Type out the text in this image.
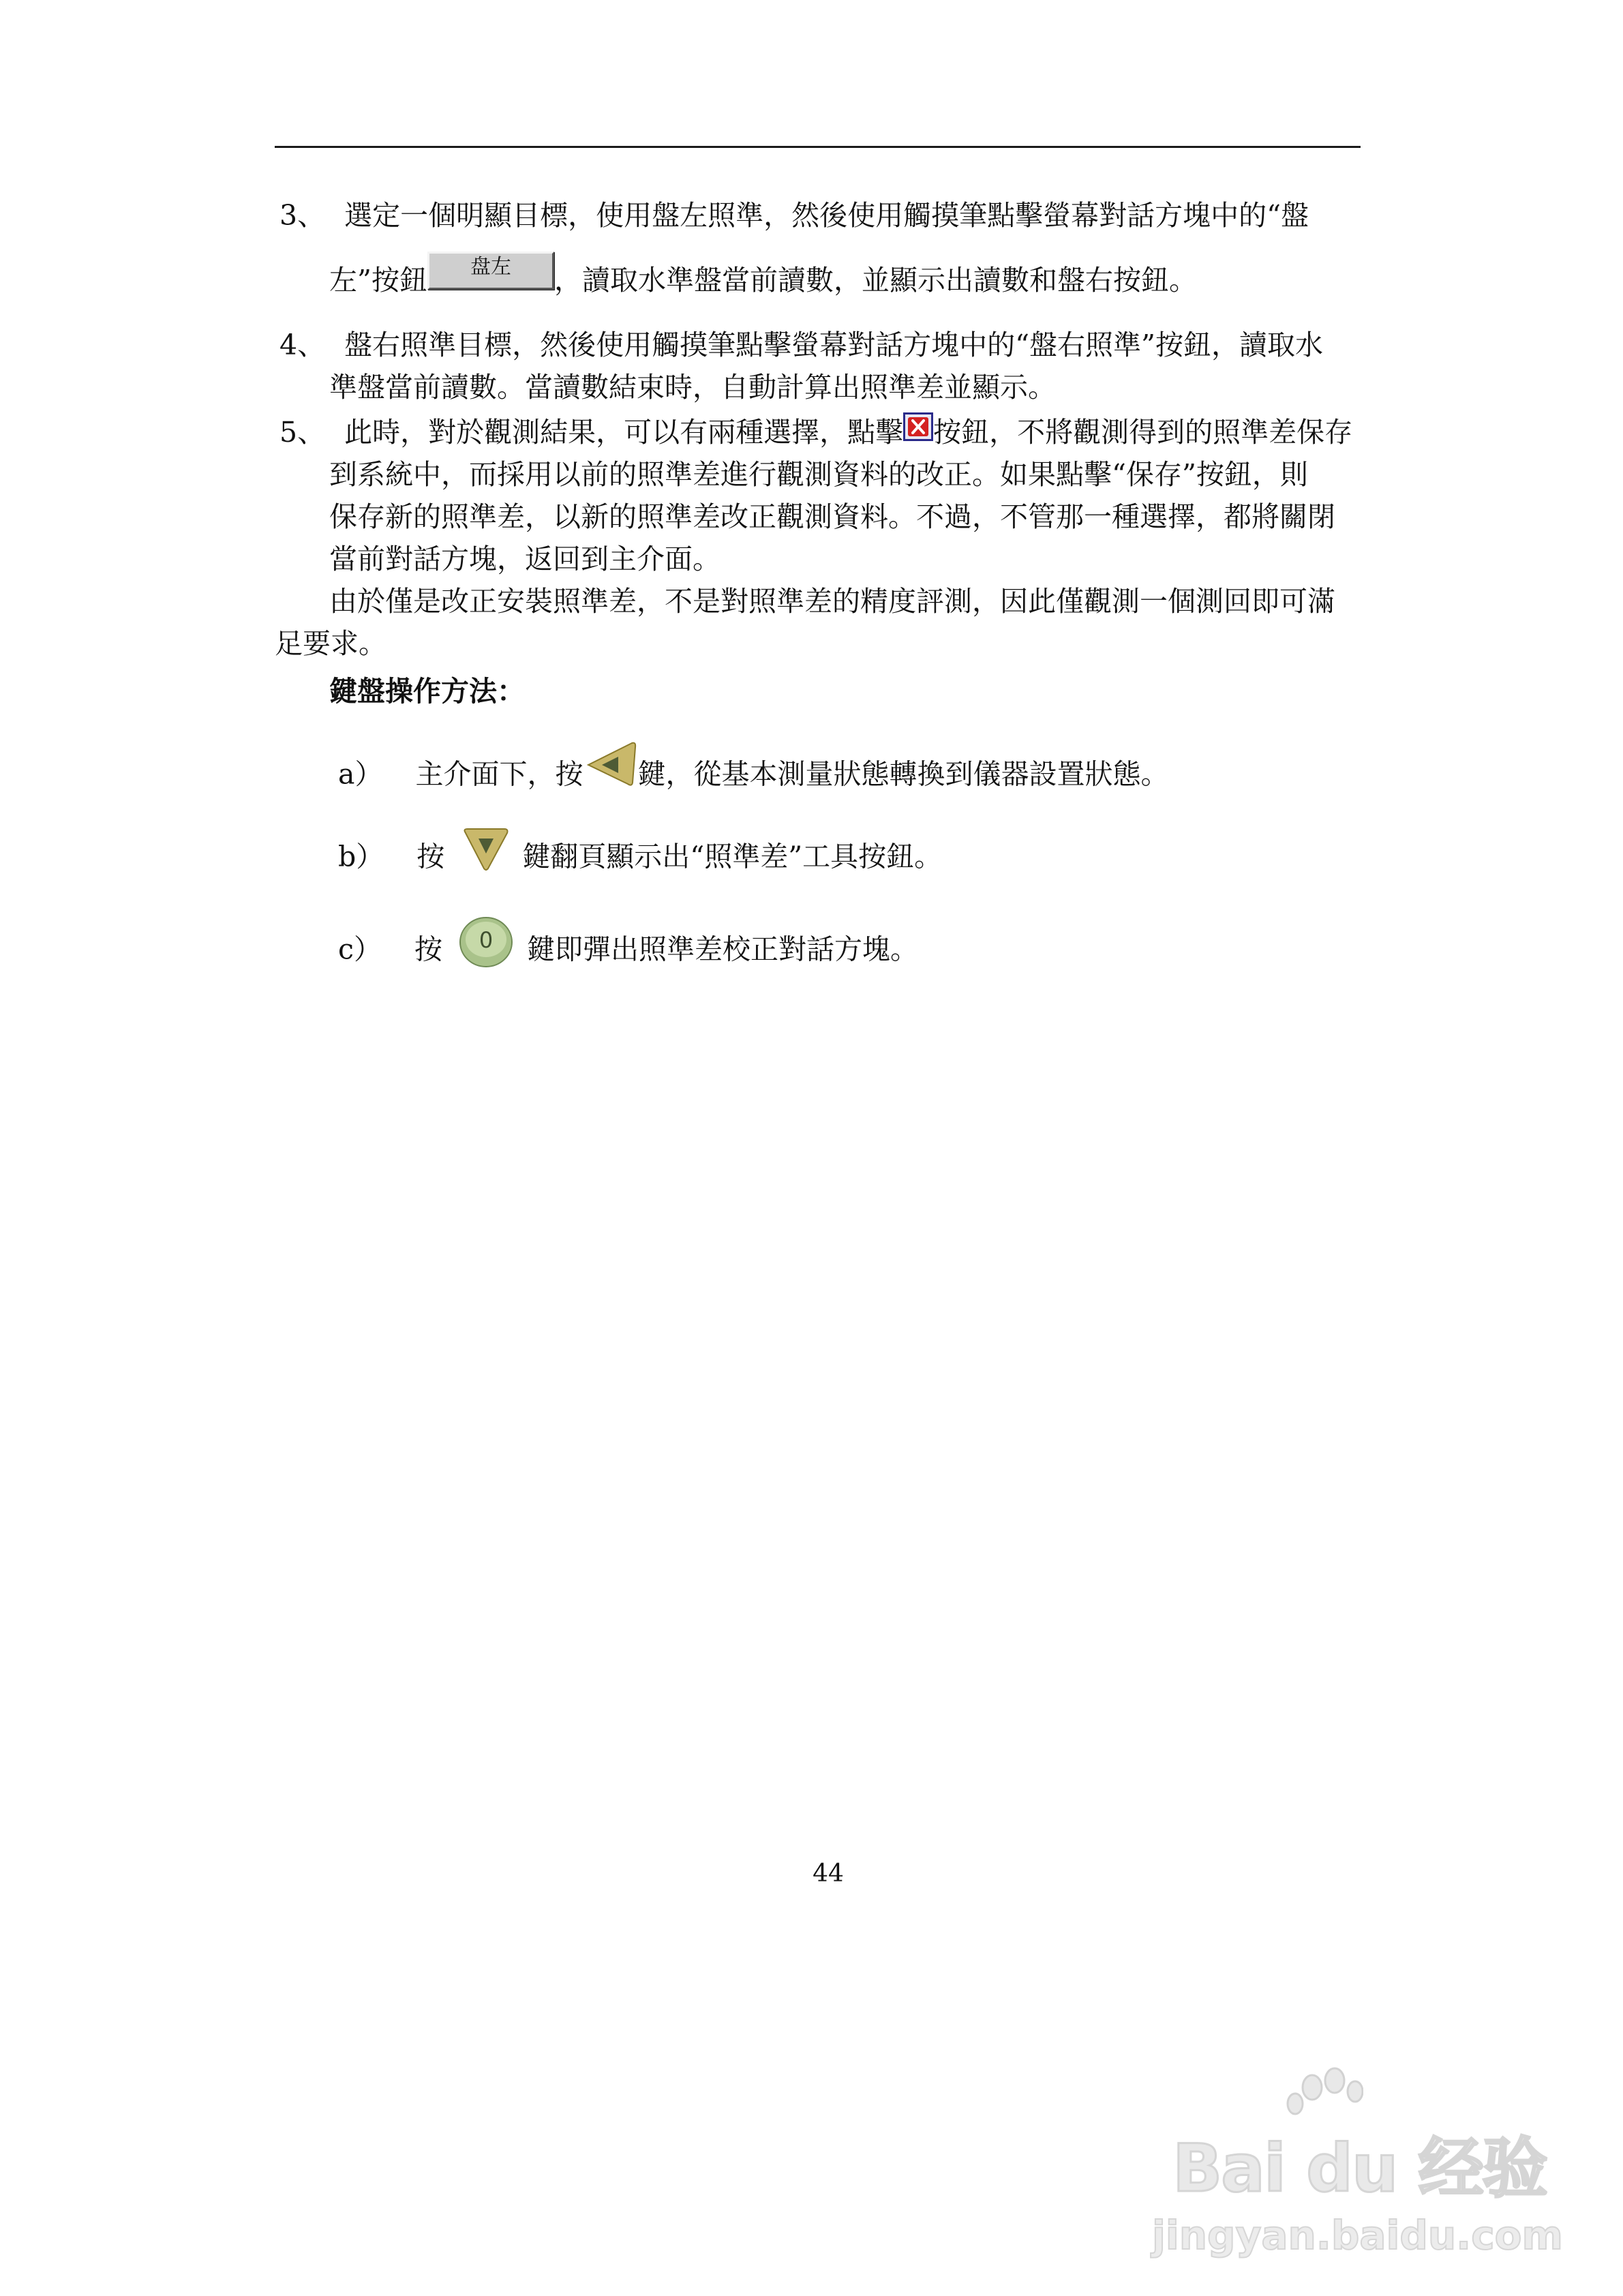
3、 選定一個明顯目標，使用盤左照準，然後使用觸摸筆點擊螢幕對話方塊中的“盤
左”按鈕 盘左 ，讀取水準盤當前讀數，並顯示出讀數和盤右按鈕。
4、 盤右照準目標，然後使用觸摸筆點擊螢幕對話方塊中的“盤右照準”按鈕，讀取水
準盤當前讀數。當讀數結束時，自動計算出照準差並顯示。
5、 此時，對於觀測結果，可以有兩種選擇，點擊 按鈕，不將觀測得到的照準差保存
到系統中，而採用以前的照準差進行觀測資料的改正。如果點擊“保存”按鈕，則
保存新的照準差，以新的照準差改正觀測資料。不過，不管那一種選擇，都將關閉
當前對話方塊，返回到主介面。
由於僅是改正安裝照準差，不是對照準差的精度評測，因此僅觀測一個測回即可滿
足要求。
鍵盤操作方法：
a） 主介面下，按 鍵，從基本測量狀態轉換到儀器設置狀態。
b） 按	鍵翻頁顯示出“照準差”工具按鈕。
c） 按 0 鍵即彈出照準差校正對話方塊。
44
Bai du 经验
jingyan.baidu.com
